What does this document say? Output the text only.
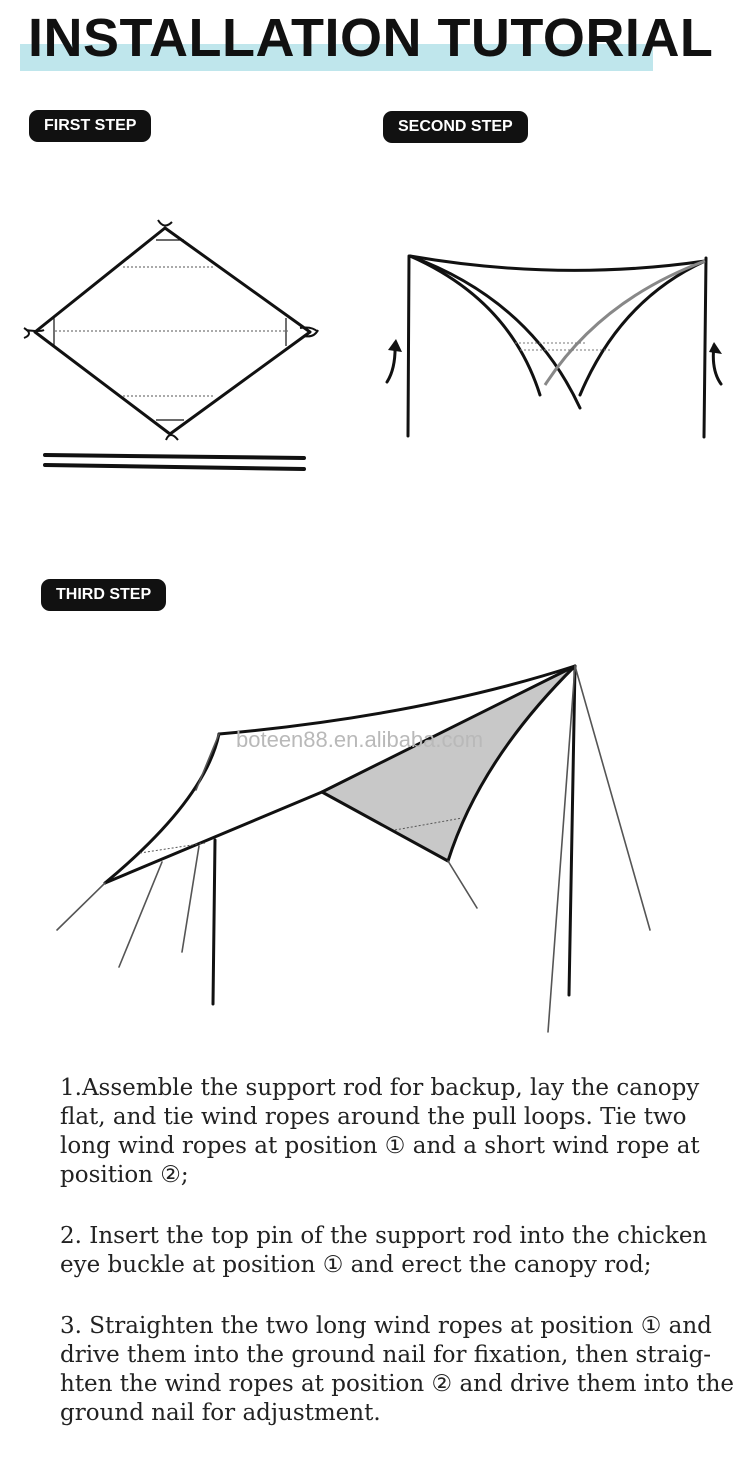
INSTALLATION TUTORIAL
FIRST STEP	SECOND STEP
THIRD STEP
boteen88.en.alibaba.com

1.Assemble the support rod for backup, lay the canopy flat, and tie wind ropes around the pull loops. Tie two long wind ropes at position ① and a short wind rope at position ②;

2. Insert the top pin of the support rod into the chicken eye buckle at position ① and erect the canopy rod;

3. Straighten the two long wind ropes at position ① and drive them into the ground nail for fixation, then straig-hten the wind ropes at position ② and drive them into the ground nail for adjustment.
